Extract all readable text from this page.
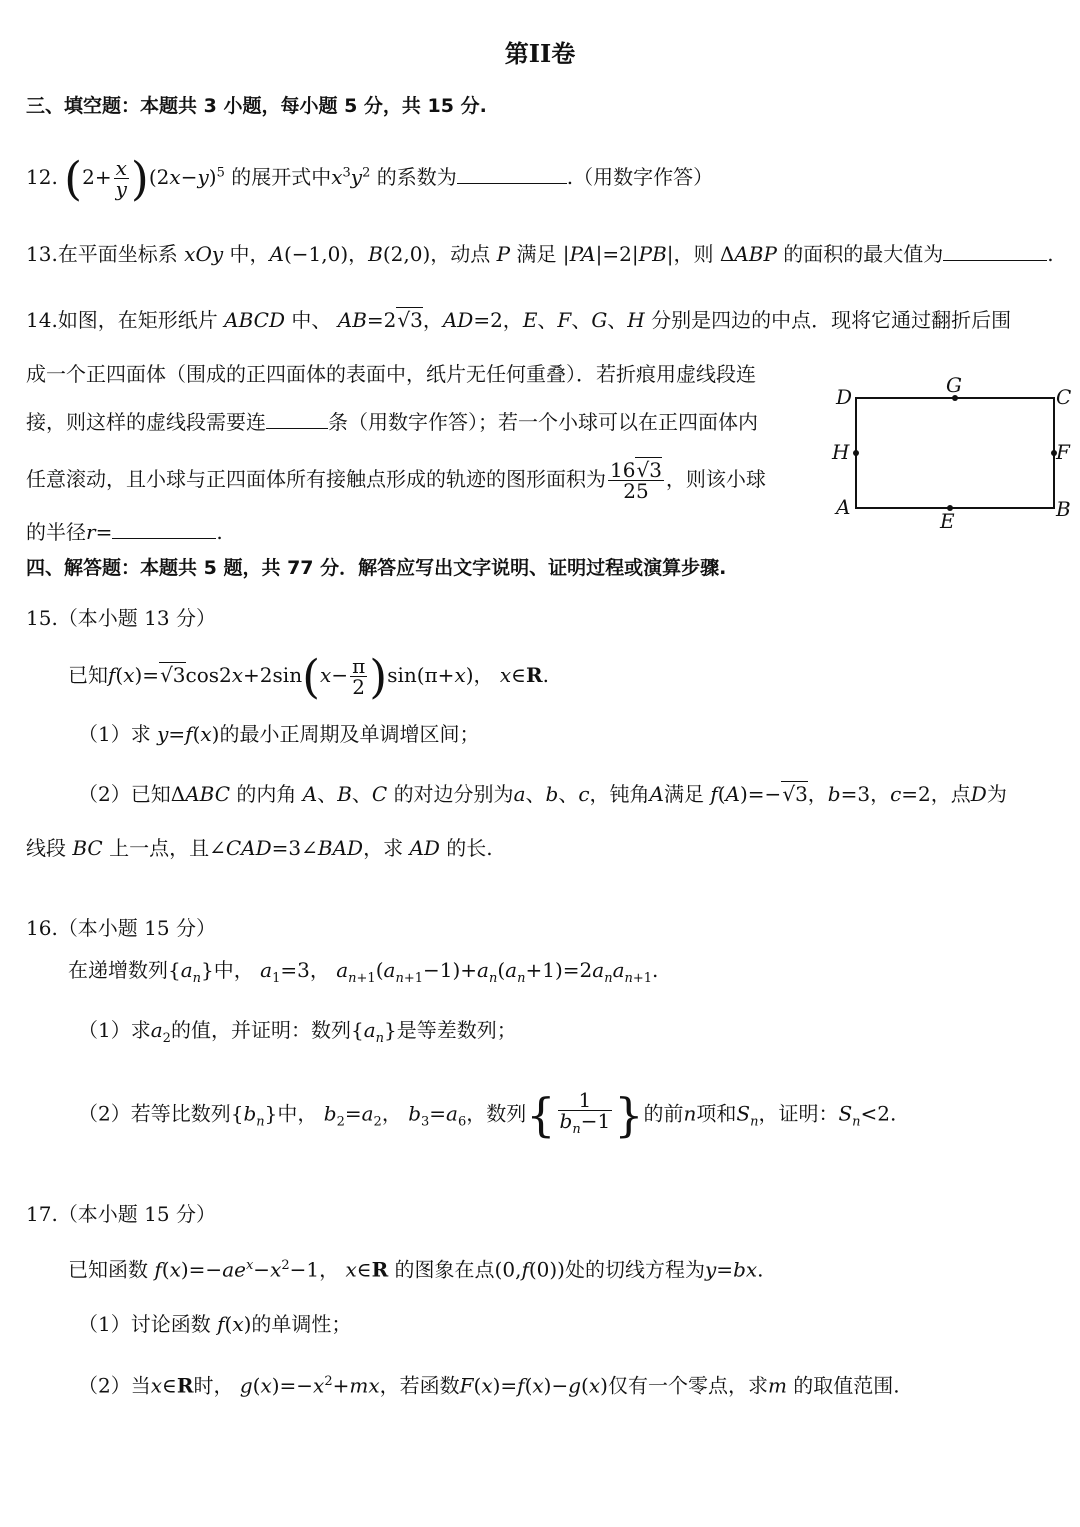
第II卷
三、填空题：本题共 3 小题，每小题 5 分，共 15 分.
12. $(2+ \frac{x}{y} )(2x-y)^5$ 的展开式中$x^3y^2$ 的系数为	.（用数字作答）
13.在平面坐标系 xOy 中，A(−1,0)，B(2,0)，动点 P 满足 |PA|=2|PB|，则 ΔABP 的面积的最大值为	.
14.如图，在矩形纸片 ABCD 中、 AB=2√3，AD=2，E、F、G、H 分别是四边的中点．现将它通过翻折后围
成一个正四面体（围成的正四面体的表面中，纸片无任何重叠）．若折痕用虚线段连
接，则这样的虚线段需要连	条（用数字作答）；若一个小球可以在正四面体内
任意滚动，且小球与正四面体所有接触点形成的轨迹的图形面积为 $\frac{16√3}{25}$ ，则该小球
的半径r=	.
D	G	C
H	F
A
E	B
四、解答题：本题共 5 题，共 77 分．解答应写出文字说明、证明过程或演算步骤.
15.（本小题 13 分）
已知$f(x)=√3\cos 2x+2\sin(x- \frac{\pi}{2} )\sin(\pi+x)$， x∈R.
（1）求 y=f(x)的最小正周期及单调增区间；
（2）已知ΔABC 的内角 A、B、C 的对边分别为a、b、c，钝角A满足 f(A)=−√3，b=3，c=2，点D为
线段 BC 上一点，且∠CAD=3∠BAD，求 AD 的长.
16.（本小题 15 分）
在递增数列$\{a_n\}$中， $a_1=3$， $a_{n+1}(a_{n+1}-1)+a_n(a_n+1)=2a_na_{n+1}$.
（1）求$a_2$的值，并证明：数列$\{a_n\}$是等差数列；
（2）若等比数列$\{b_n\}$中， $b_2=a_2$， $b_3=a_6$，数列{ $\frac{1}{b_n-1}$ }的前n项和$S_n$，证明：$S_n<2$.
17.（本小题 15 分）
已知函数 $f(x)=-ae^x-x^2-1$， x∈R 的图象在点(0,f(0))处的切线方程为y=bx.
（1）讨论函数 f(x)的单调性；
（2）当x∈R时， $g(x)=-x^2+mx$，若函数F(x)=f(x)−g(x)仅有一个零点，求m 的取值范围.
